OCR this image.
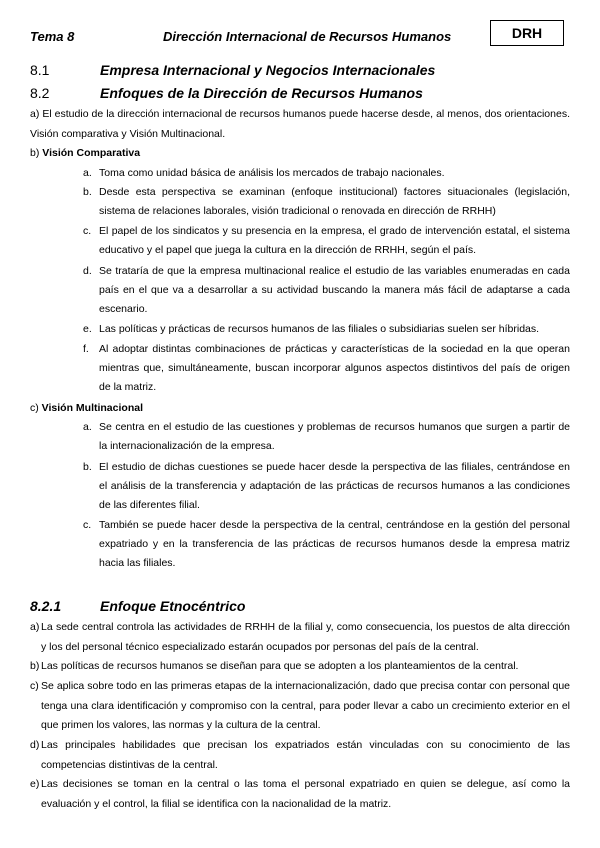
Tema 8	Dirección Internacional de Recursos Humanos	DRH
8.1	Empresa Internacional y Negocios Internacionales
8.2	Enfoques de la Dirección de Recursos Humanos
a) El estudio de la dirección internacional de recursos humanos puede hacerse desde, al menos, dos orientaciones. Visión comparativa y Visión Multinacional.
b) Visión Comparativa
a. Toma como unidad básica de análisis los mercados de trabajo nacionales.
b. Desde esta perspectiva se examinan (enfoque institucional) factores situacionales (legislación, sistema de relaciones laborales, visión tradicional o renovada en dirección de RRHH)
c. El papel de los sindicatos y su presencia en la empresa, el grado de intervención estatal, el sistema educativo y el papel que juega la cultura en la dirección de RRHH, según el país.
d. Se trataría de que la empresa multinacional realice el estudio de las variables enumeradas en cada país en el que va a desarrollar a su actividad buscando la manera más fácil de adaptarse a cada escenario.
e. Las políticas y prácticas de recursos humanos de las filiales o subsidiarias suelen ser híbridas.
f. Al adoptar distintas combinaciones de prácticas y características de la sociedad en la que operan mientras que, simultáneamente, buscan incorporar algunos aspectos distintivos del país de origen de la matriz.
c) Visión Multinacional
a. Se centra en el estudio de las cuestiones y problemas de recursos humanos que surgen a partir de la internacionalización de la empresa.
b. El estudio de dichas cuestiones se puede hacer desde la perspectiva de las filiales, centrándose en el análisis de la transferencia y adaptación de las prácticas de recursos humanos a las condiciones de las diferentes filial.
c. También se puede hacer desde la perspectiva de la central, centrándose en la gestión del personal expatriado y en la transferencia de las prácticas de recursos humanos desde la empresa matriz hacia las filiales.
8.2.1	Enfoque Etnocéntrico
a) La sede central controla las actividades de RRHH de la filial y, como consecuencia, los puestos de alta dirección y los del personal técnico especializado estarán ocupados por personas del país de la central.
b) Las políticas de recursos humanos se diseñan para que se adopten a los planteamientos de la central.
c) Se aplica sobre todo en las primeras etapas de la internacionalización, dado que precisa contar con personal que tenga una clara identificación y compromiso con la central, para poder llevar a cabo un crecimiento exterior en el que primen los valores, las normas y la cultura de la central.
d) Las principales habilidades que precisan los expatriados están vinculadas con su conocimiento de las competencias distintivas de la central.
e) Las decisiones se toman en la central o las toma el personal expatriado en quien se delegue, así como la evaluación y el control, la filial se identifica con la nacionalidad de la matriz.
